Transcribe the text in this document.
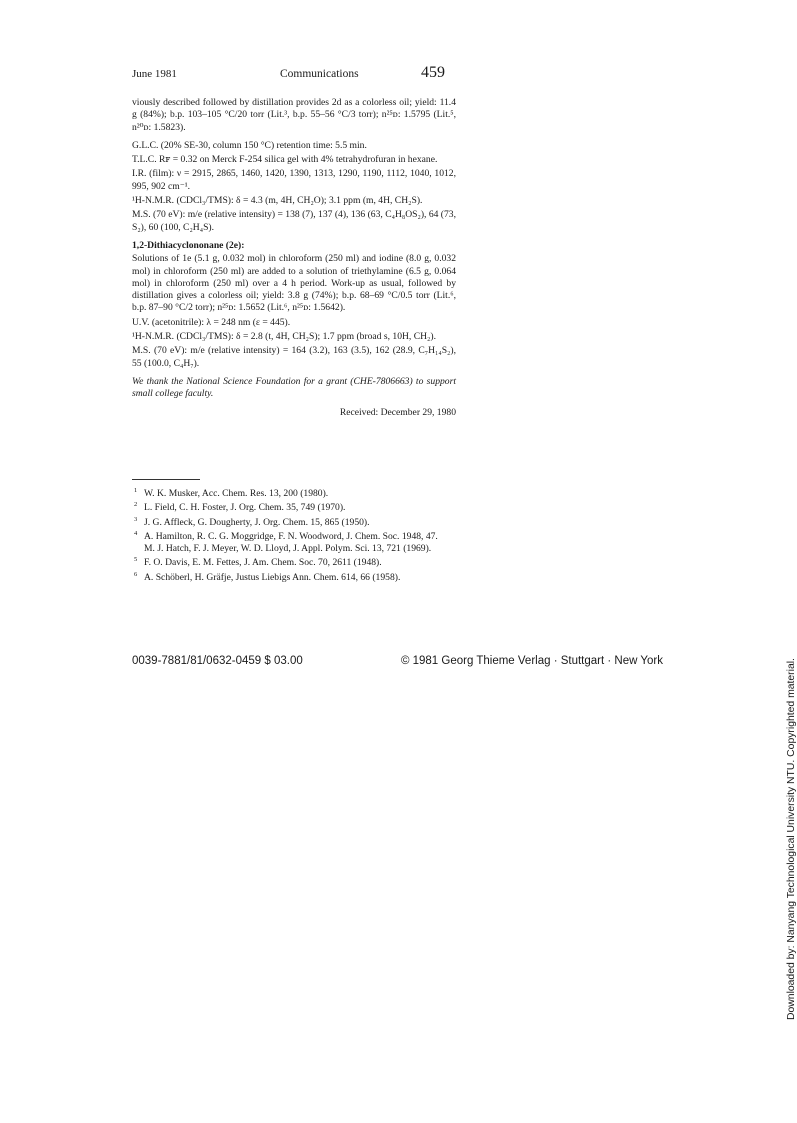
June 1981	Communications	459

viously described followed by distillation provides 2d as a colorless oil; yield: 11.4 g (84%); b.p. 103–105 °C/20 torr (Lit.³, b.p. 55–56 °C/3 torr); n²⁵ᴅ: 1.5795 (Lit.⁵, n²⁰ᴅ: 1.5823).

G.L.C. (20% SE-30, column 150 °C) retention time: 5.5 min.

T.L.C. Rꜰ = 0.32 on Merck F-254 silica gel with 4% tetrahydrofuran in hexane.

I.R. (film): ν = 2915, 2865, 1460, 1420, 1390, 1313, 1290, 1190, 1112, 1040, 1012, 995, 902 cm⁻¹.

¹H-N.M.R. (CDCl₃/TMS): δ = 4.3 (m, 4H, CH₂O); 3.1 ppm (m, 4H, CH₂S).

M.S. (70 eV): m/e (relative intensity) = 138 (7), 137 (4), 136 (63, C₄H₈OS₂), 64 (73, S₂), 60 (100, C₂H₄S).

1,2-Dithiacyclononane (2e):

Solutions of 1e (5.1 g, 0.032 mol) in chloroform (250 ml) and iodine (8.0 g, 0.032 mol) in chloroform (250 ml) are added to a solution of triethylamine (6.5 g, 0.064 mol) in chloroform (250 ml) over a 4 h period. Work-up as usual, followed by distillation gives a colorless oil; yield: 3.8 g (74%); b.p. 68–69 °C/0.5 torr (Lit.⁶, b.p. 87–90 °C/2 torr); n²⁵ᴅ: 1.5652 (Lit.⁶, n²⁵ᴅ: 1.5642).

U.V. (acetonitrile): λ = 248 nm (ε = 445).

¹H-N.M.R. (CDCl₃/TMS): δ = 2.8 (t, 4H, CH₂S); 1.7 ppm (broad s, 10H, CH₂).

M.S. (70 eV): m/e (relative intensity) = 164 (3.2), 163 (3.5), 162 (28.9, C₇H₁₄S₂), 55 (100.0, C₄H₇).

We thank the National Science Foundation for a grant (CHE-7806663) to support small college faculty.

Received: December 29, 1980

1 W. K. Musker, Acc. Chem. Res. 13, 200 (1980).
2 L. Field, C. H. Foster, J. Org. Chem. 35, 749 (1970).
3 J. G. Affleck, G. Dougherty, J. Org. Chem. 15, 865 (1950).
4 A. Hamilton, R. C. G. Moggridge, F. N. Woodword, J. Chem. Soc. 1948, 47.
M. J. Hatch, F. J. Meyer, W. D. Lloyd, J. Appl. Polym. Sci. 13, 721 (1969).
5 F. O. Davis, E. M. Fettes, J. Am. Chem. Soc. 70, 2611 (1948).
6 A. Schöberl, H. Gräfje, Justus Liebigs Ann. Chem. 614, 66 (1958).
0039-7881/81/0632-0459 $ 03.00	© 1981 Georg Thieme Verlag · Stuttgart · New York	Downloaded by: Nanyang Technological University NTU. Copyrighted material.
